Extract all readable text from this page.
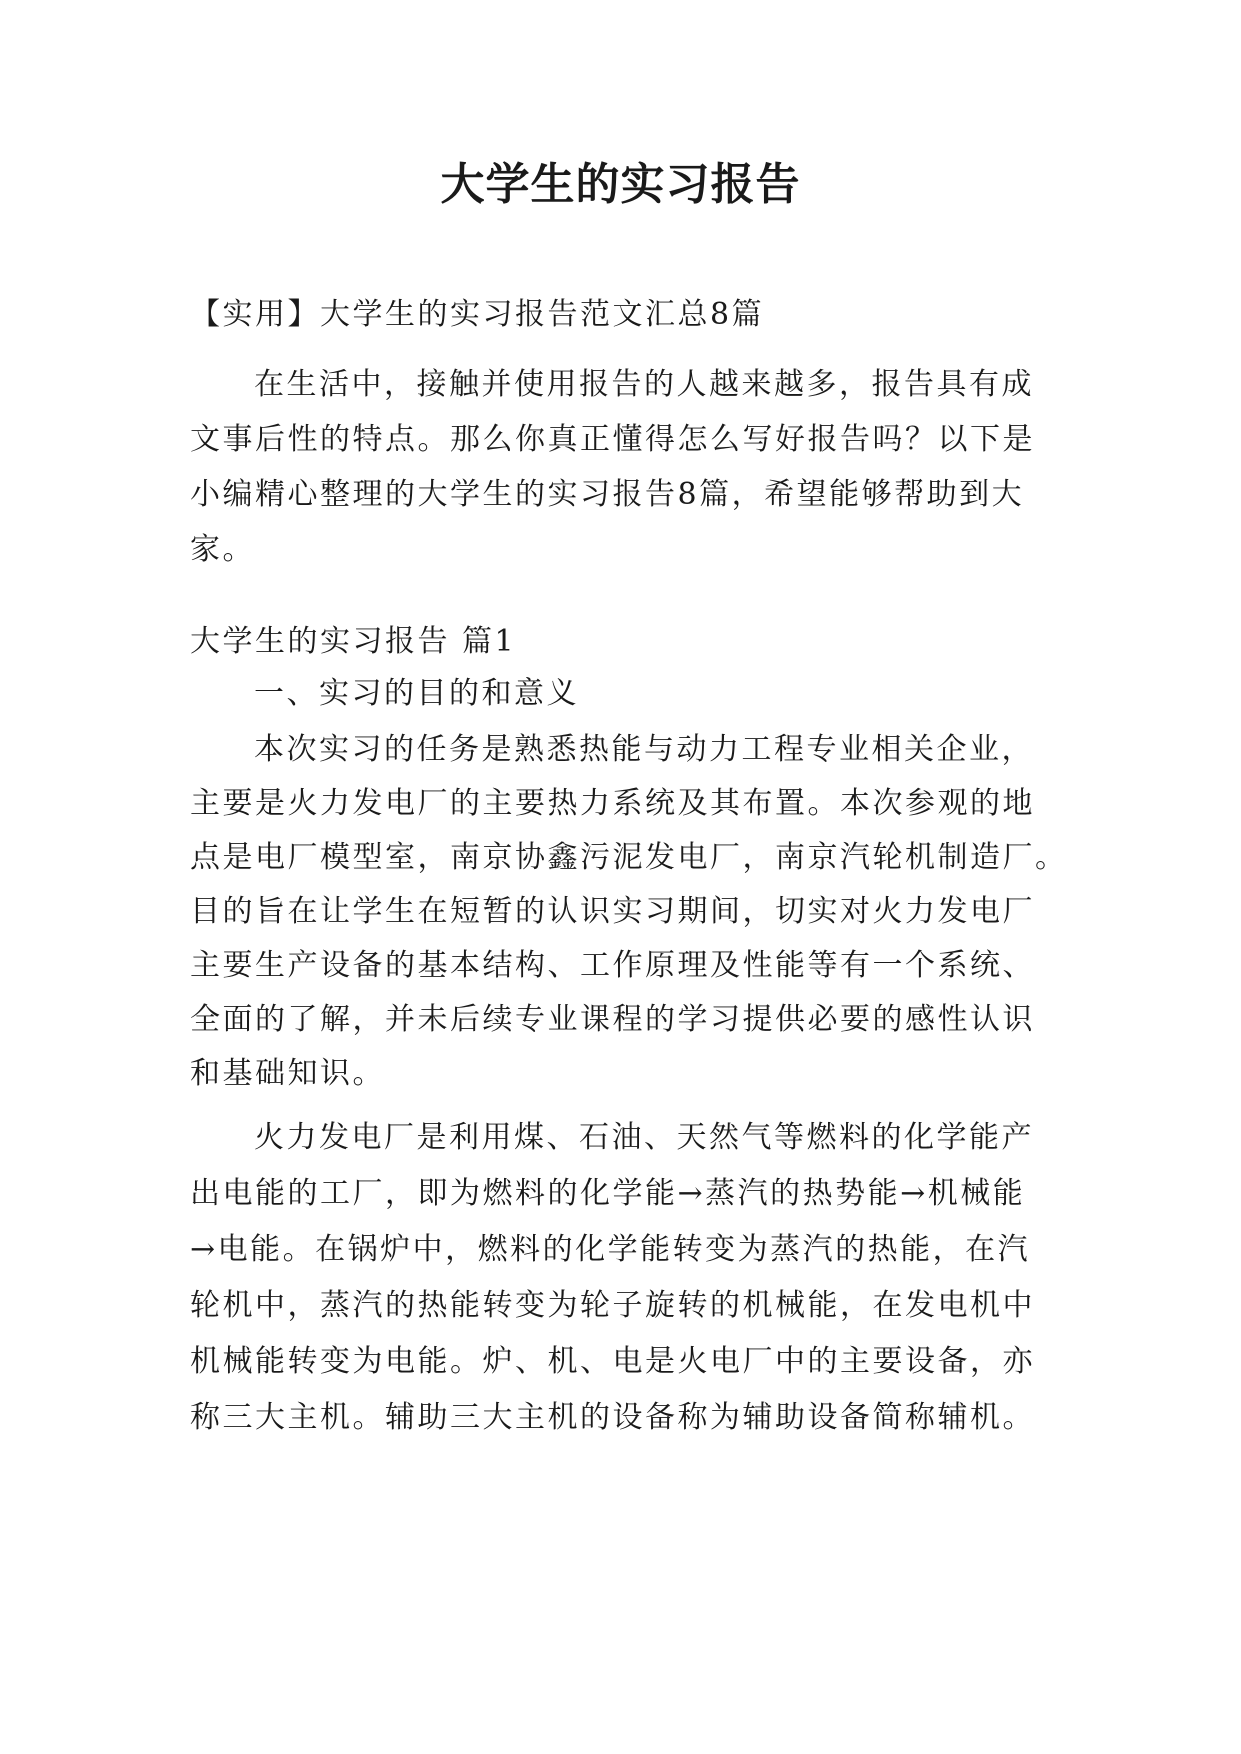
大学生的实习报告

【实用】大学生的实习报告范文汇总8篇

在生活中，接触并使用报告的人越来越多，报告具有成

文事后性的特点。那么你真正懂得怎么写好报告吗？以下是

小编精心整理的大学生的实习报告8篇，希望能够帮助到大

家。

大学生的实习报告 篇1

一、实习的目的和意义

本次实习的任务是熟悉热能与动力工程专业相关企业，

主要是火力发电厂的主要热力系统及其布置。本次参观的地

点是电厂模型室，南京协鑫污泥发电厂，南京汽轮机制造厂。

目的旨在让学生在短暂的认识实习期间，切实对火力发电厂

主要生产设备的基本结构、工作原理及性能等有一个系统、

全面的了解，并未后续专业课程的学习提供必要的感性认识

和基础知识。

火力发电厂是利用煤、石油、天然气等燃料的化学能产

出电能的工厂，即为燃料的化学能→蒸汽的热势能→机械能

→电能。在锅炉中，燃料的化学能转变为蒸汽的热能，在汽

轮机中，蒸汽的热能转变为轮子旋转的机械能，在发电机中

机械能转变为电能。炉、机、电是火电厂中的主要设备，亦

称三大主机。辅助三大主机的设备称为辅助设备简称辅机。
